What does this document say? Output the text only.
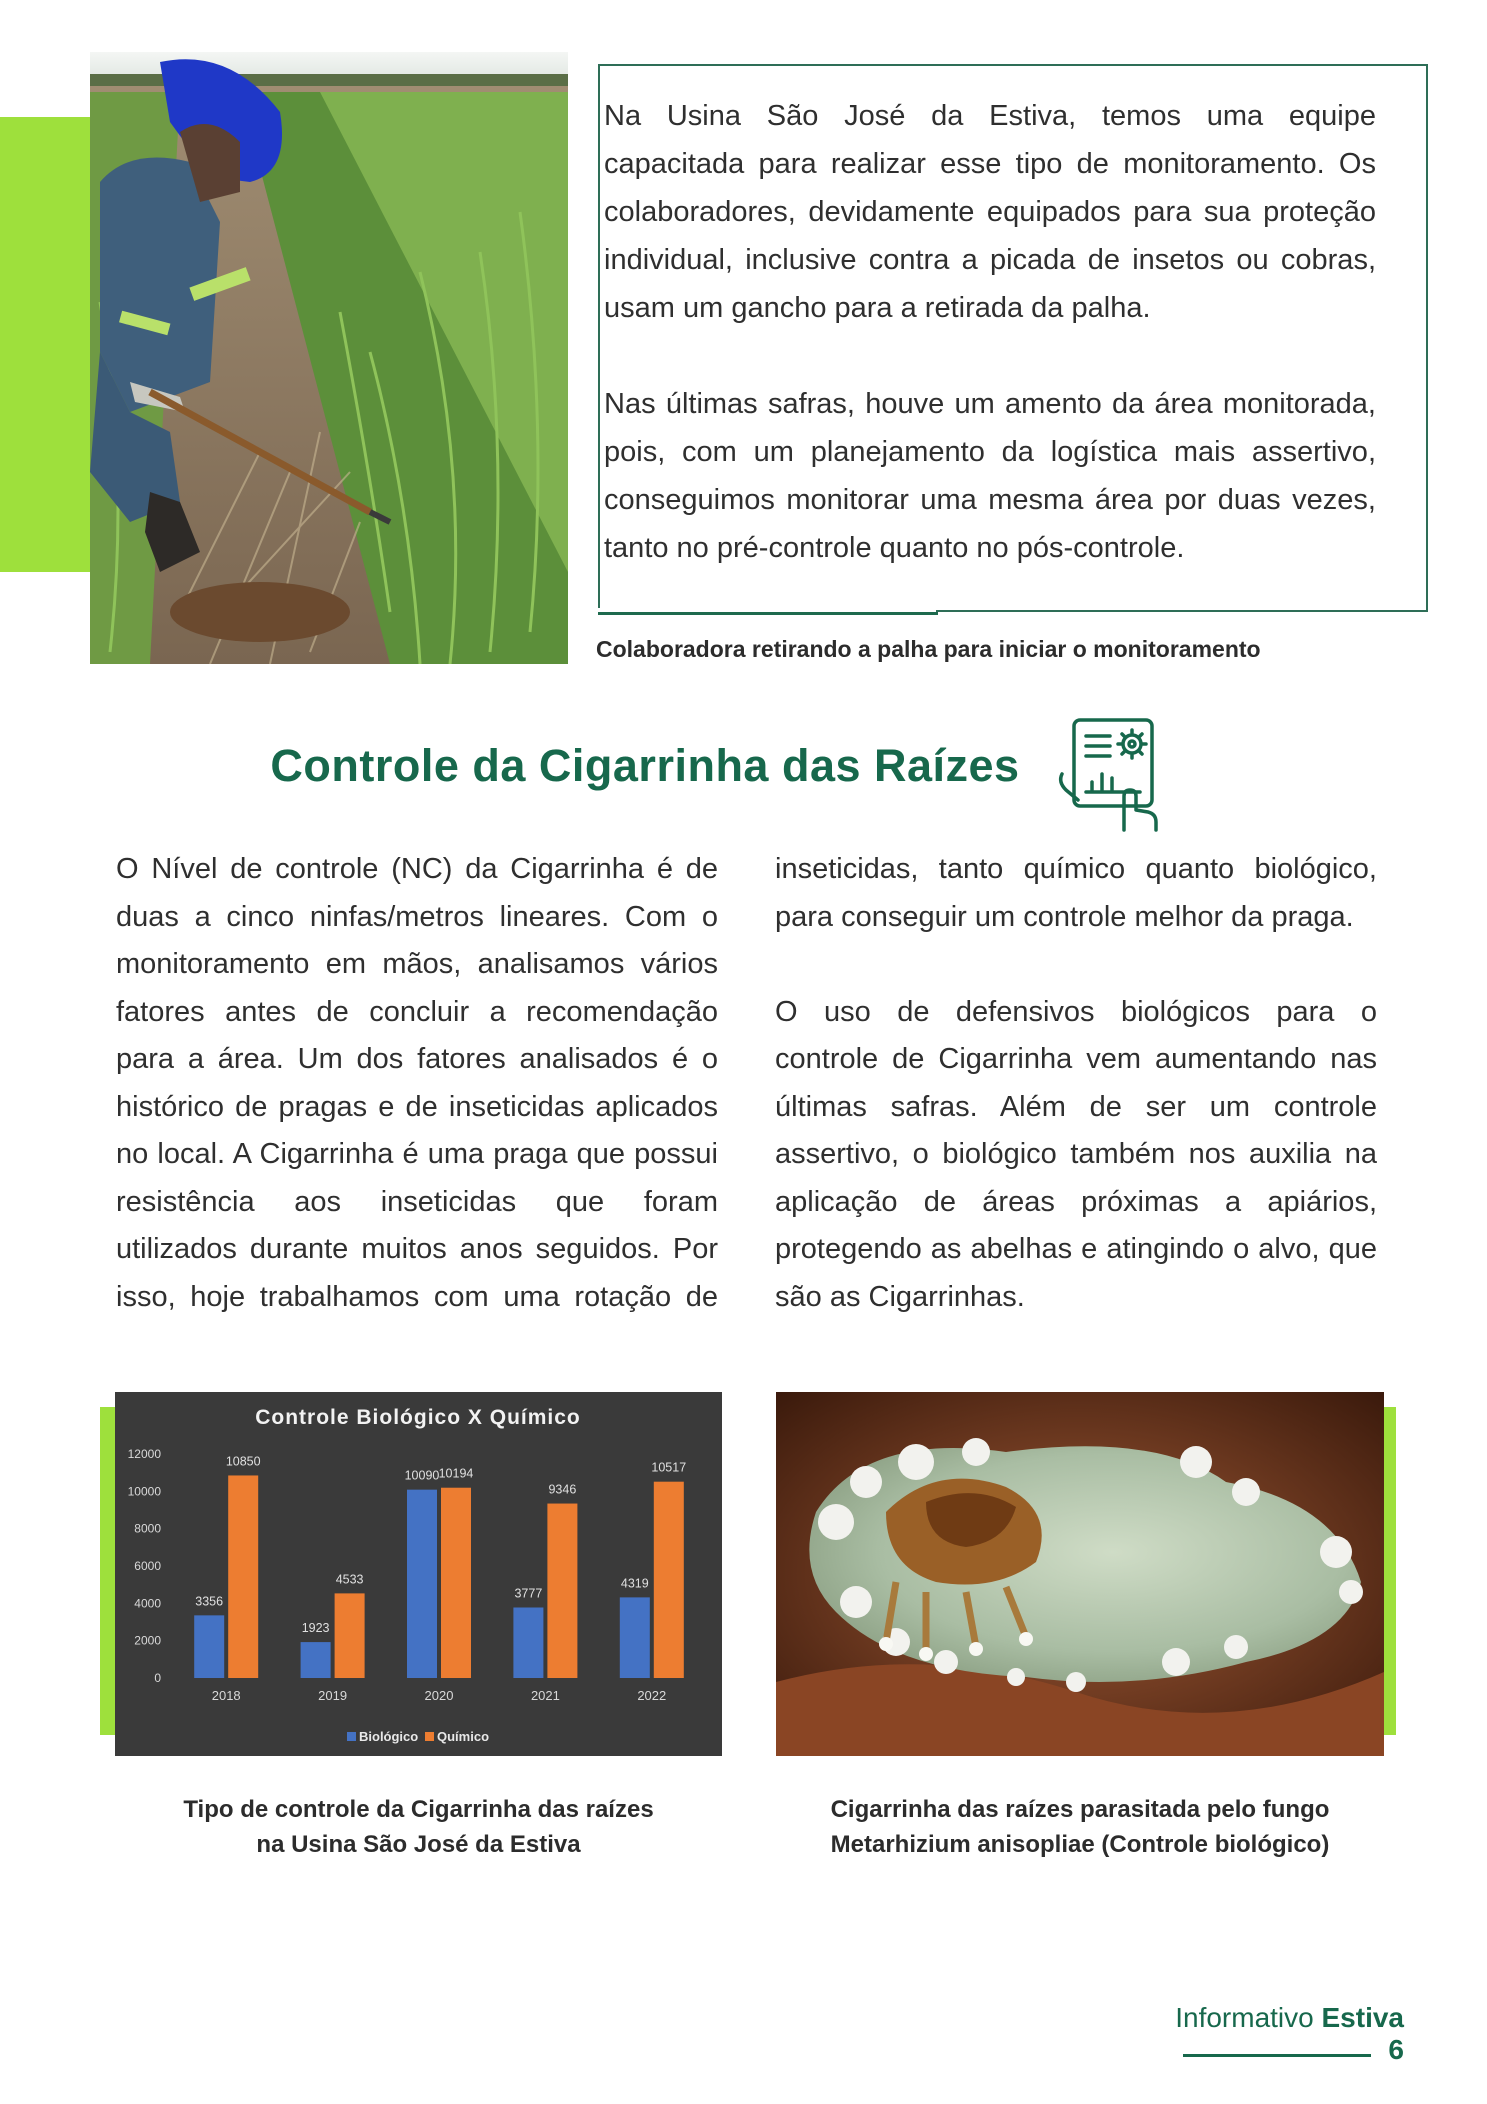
Na Usina São José da Estiva, temos uma equipe capacitada para realizar esse tipo de monitoramento. Os colaboradores, devidamente equipados para sua proteção individual, inclusive contra a picada de insetos ou cobras, usam um gancho para a retirada da palha.

Nas últimas safras, houve um amento da área monitorada, pois, com um planejamento da logística mais assertivo, conseguimos monitorar uma mesma área por duas vezes, tanto no pré-controle quanto no pós-controle.

Colaboradora retirando a palha para iniciar o monitoramento
Controle da Cigarrinha das Raízes

O Nível de controle (NC) da Cigarrinha é de duas a cinco ninfas/metros lineares. Com o monitoramento em mãos, analisamos vários fatores antes de concluir a recomendação para a área. Um dos fatores analisados é o histórico de pragas e de inseticidas aplicados no local. A Cigarrinha é uma praga que possui resistência aos inseticidas que foram utilizados durante muitos anos seguidos. Por isso, hoje trabalhamos com uma rotação de

inseticidas, tanto químico quanto biológico, para conseguir um controle melhor da praga.

O uso de defensivos biológicos para o controle de Cigarrinha vem aumentando nas últimas safras. Além de ser um controle assertivo, o biológico também nos auxilia na aplicação de áreas próximas a apiários, protegendo as abelhas e atingindo o alvo, que são as Cigarrinhas.

Controle Biológico X Químico
0
2000
4000
6000
8000
10000
12000
3356
10850
2018
1923
4533
2019
10090 10194
2020
3777
9346
2021
4319
10517
2022
Biológico Químico
Tipo de controle da Cigarrinha das raízes
na Usina São José da Estiva
Cigarrinha das raízes parasitada pelo fungo
Metarhizium anisopliae (Controle biológico)
Informativo Estiva
6
